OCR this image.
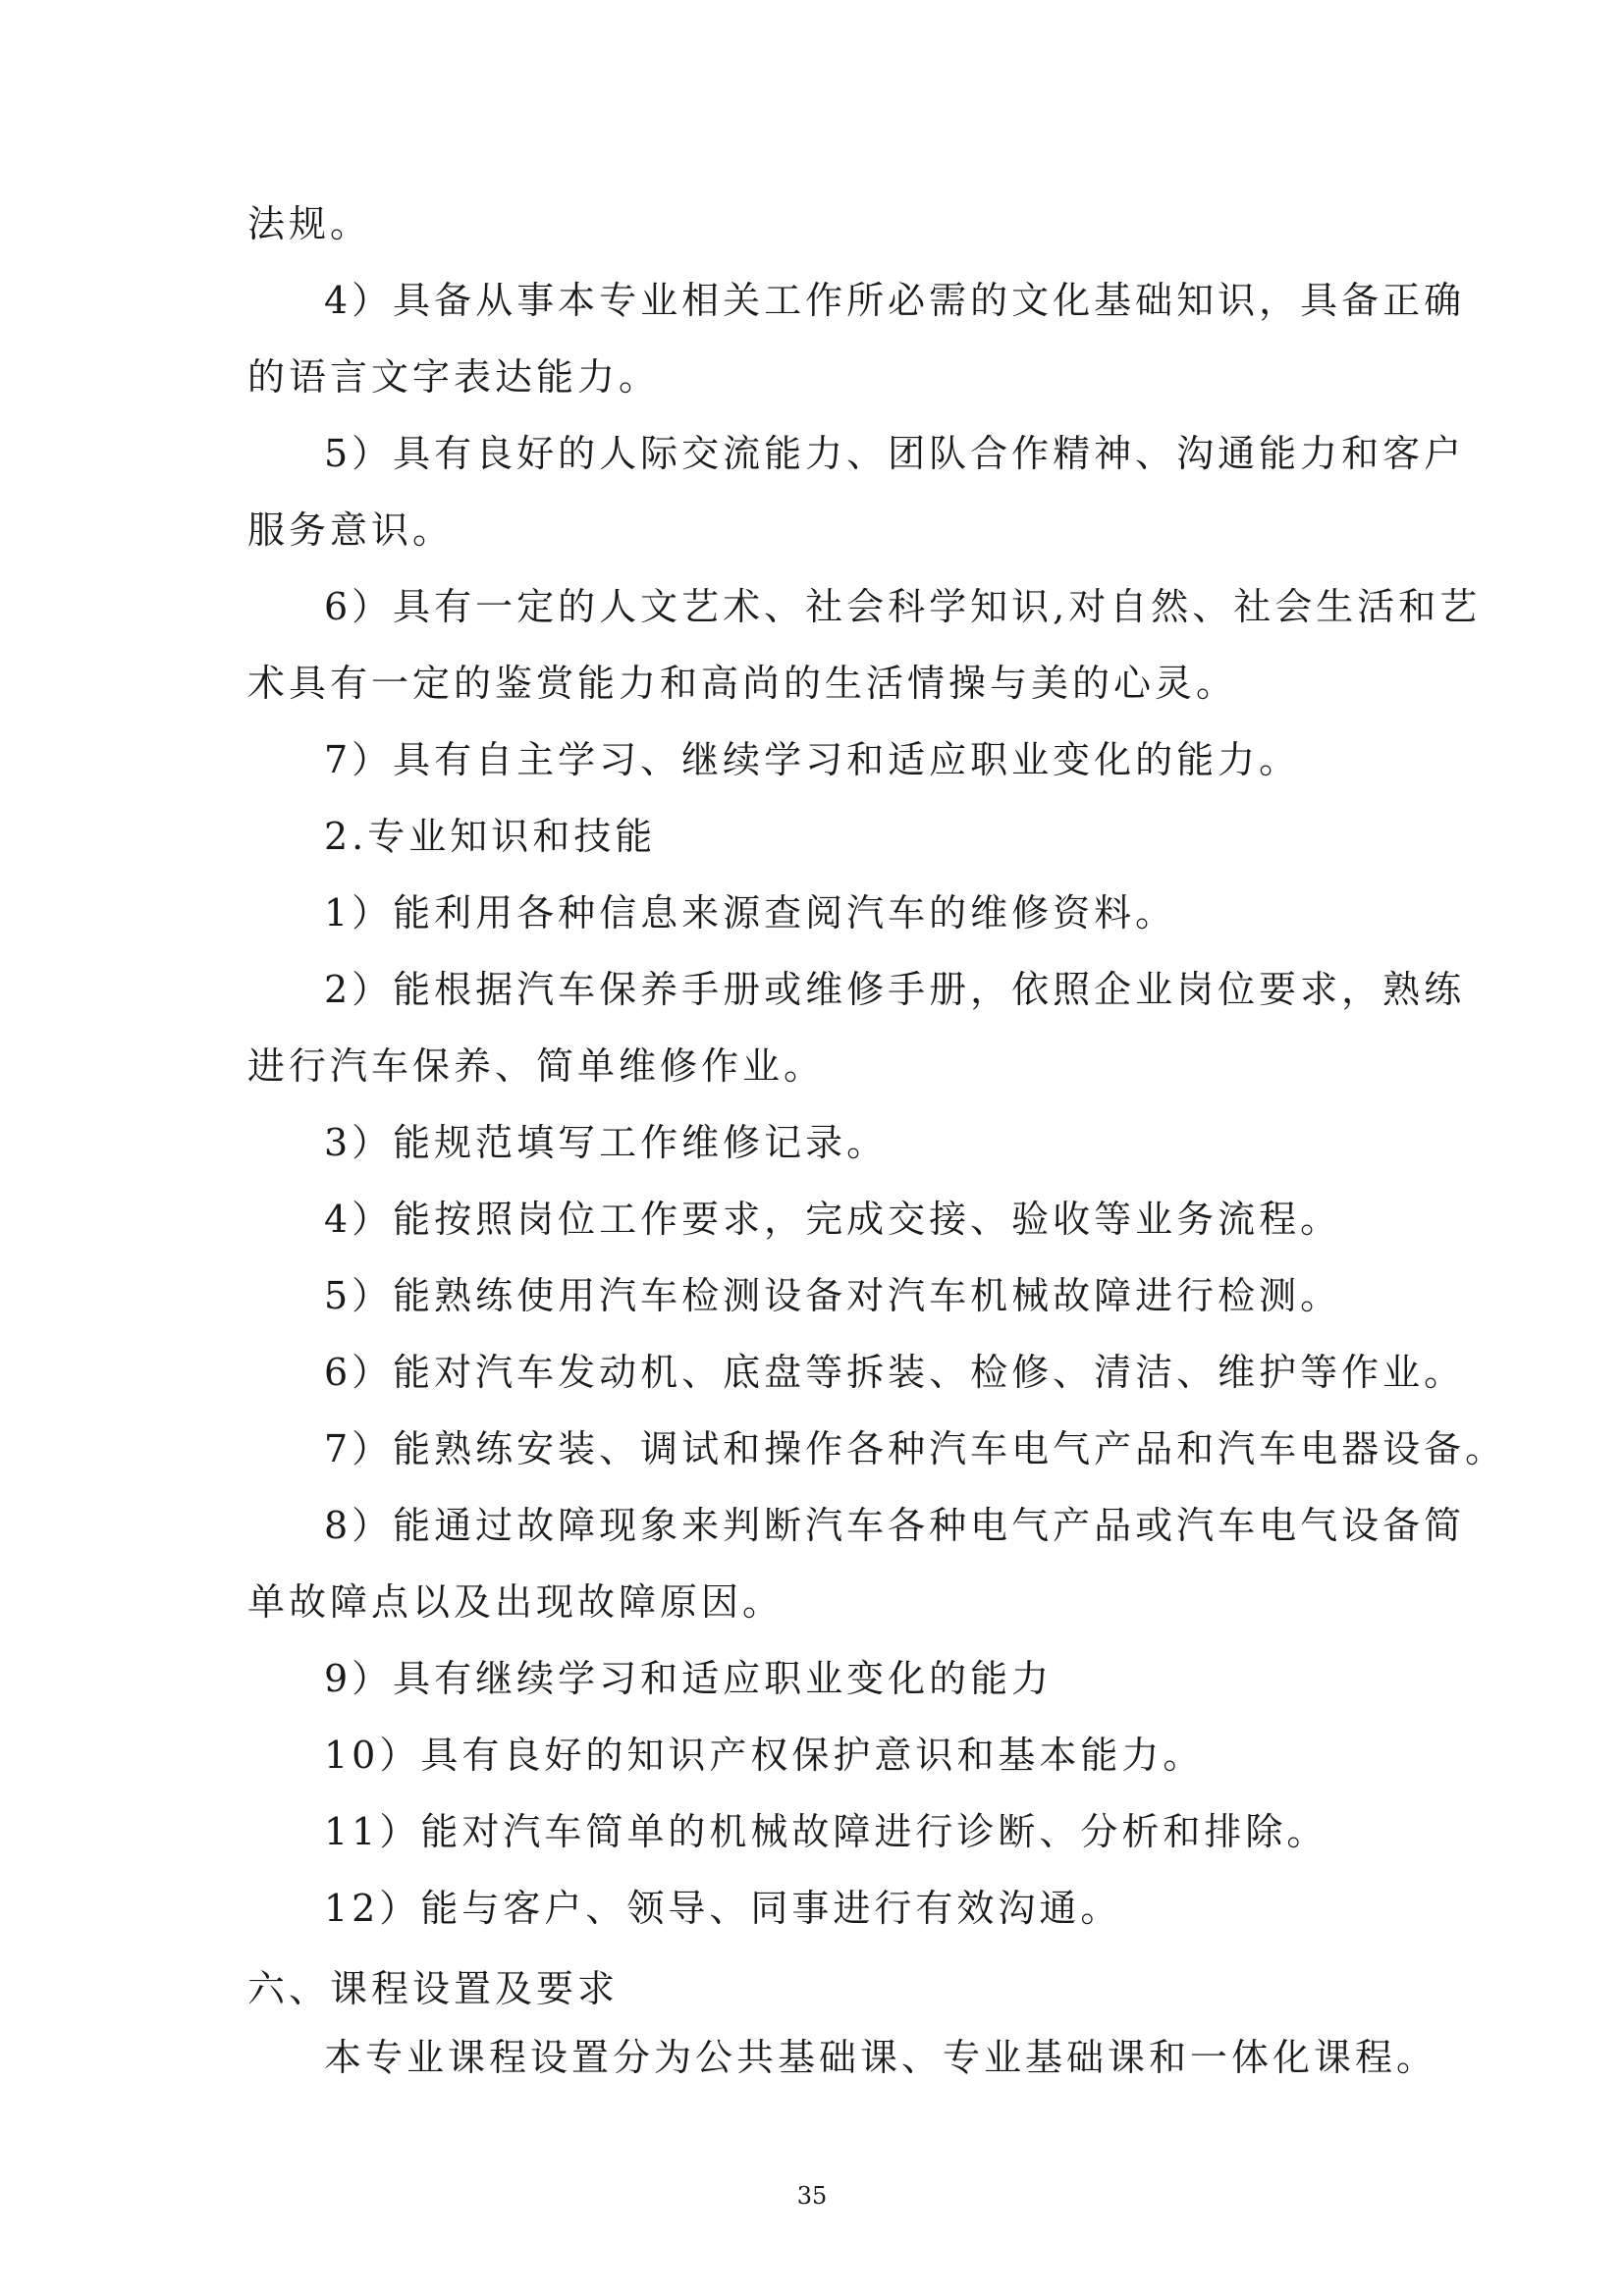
法规。
4）具备从事本专业相关工作所必需的文化基础知识，具备正确
的语言文字表达能力。
5）具有良好的人际交流能力、团队合作精神、沟通能力和客户
服务意识。
6）具有一定的人文艺术、社会科学知识,对自然、社会生活和艺
术具有一定的鉴赏能力和高尚的生活情操与美的心灵。
7）具有自主学习、继续学习和适应职业变化的能力。
2.专业知识和技能
1）能利用各种信息来源查阅汽车的维修资料。
2）能根据汽车保养手册或维修手册，依照企业岗位要求，熟练
进行汽车保养、简单维修作业。
3）能规范填写工作维修记录。
4）能按照岗位工作要求，完成交接、验收等业务流程。
5）能熟练使用汽车检测设备对汽车机械故障进行检测。
6）能对汽车发动机、底盘等拆装、检修、清洁、维护等作业。
7）能熟练安装、调试和操作各种汽车电气产品和汽车电器设备。
8）能通过故障现象来判断汽车各种电气产品或汽车电气设备简
单故障点以及出现故障原因。
9）具有继续学习和适应职业变化的能力
10）具有良好的知识产权保护意识和基本能力。
11）能对汽车简单的机械故障进行诊断、分析和排除。
12）能与客户、领导、同事进行有效沟通。
六、课程设置及要求
本专业课程设置分为公共基础课、专业基础课和一体化课程。
35
